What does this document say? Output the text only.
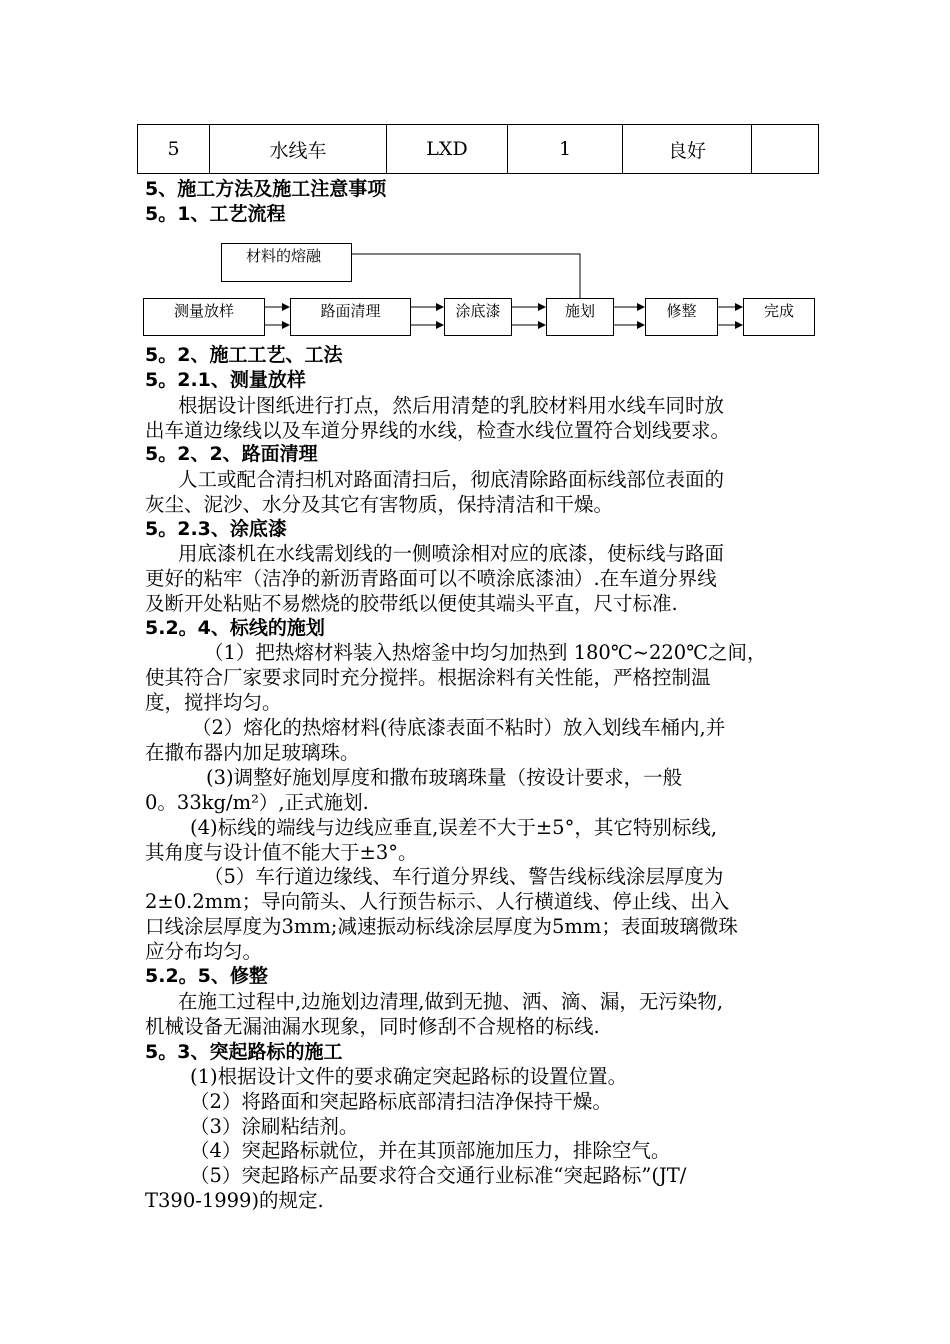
5	水线车	LXD	1	良好	
5、施工方法及施工注意事项
5。1、工艺流程
材料的熔融
测量放样	路面清理	涂底漆	施划	修整	完成
5。2、施工工艺、工法
5。2.1、测量放样
根据设计图纸进行打点，然后用清楚的乳胶材料用水线车同时放
出车道边缘线以及车道分界线的水线，检查水线位置符合划线要求。
5。2、2、路面清理
人工或配合清扫机对路面清扫后，彻底清除路面标线部位表面的
灰尘、泥沙、水分及其它有害物质，保持清洁和干燥。
5。2.3、涂底漆
用底漆机在水线需划线的一侧喷涂相对应的底漆，使标线与路面
更好的粘牢（洁净的新沥青路面可以不喷涂底漆油）.在车道分界线
及断开处粘贴不易燃烧的胶带纸以便使其端头平直，尺寸标准.
5.2。4、标线的施划
（1）把热熔材料装入热熔釜中均匀加热到 180℃~220℃之间，
使其符合厂家要求同时充分搅拌。根据涂料有关性能，严格控制温
度，搅拌均匀。
（2）熔化的热熔材料(待底漆表面不粘时）放入划线车桶内,并
在撒布器内加足玻璃珠。
(3)调整好施划厚度和撒布玻璃珠量（按设计要求，一般
0。33kg/m²）,正式施划.
(4)标线的端线与边线应垂直,误差不大于±5°，其它特别标线,
其角度与设计值不能大于±3°。
（5）车行道边缘线、车行道分界线、警告线标线涂层厚度为
2±0.2mm；导向箭头、人行预告标示、人行横道线、停止线、出入
口线涂层厚度为3mm;减速振动标线涂层厚度为5mm；表面玻璃微珠
应分布均匀。
5.2。5、修整
在施工过程中,边施划边清理,做到无抛、洒、滴、漏，无污染物,
机械设备无漏油漏水现象，同时修刮不合规格的标线.
5。3、突起路标的施工
(1)根据设计文件的要求确定突起路标的设置位置。
（2）将路面和突起路标底部清扫洁净保持干燥。
（3）涂刷粘结剂。
（4）突起路标就位，并在其顶部施加压力，排除空气。
（5）突起路标产品要求符合交通行业标准“突起路标”(JT/
T390-1999)的规定.
